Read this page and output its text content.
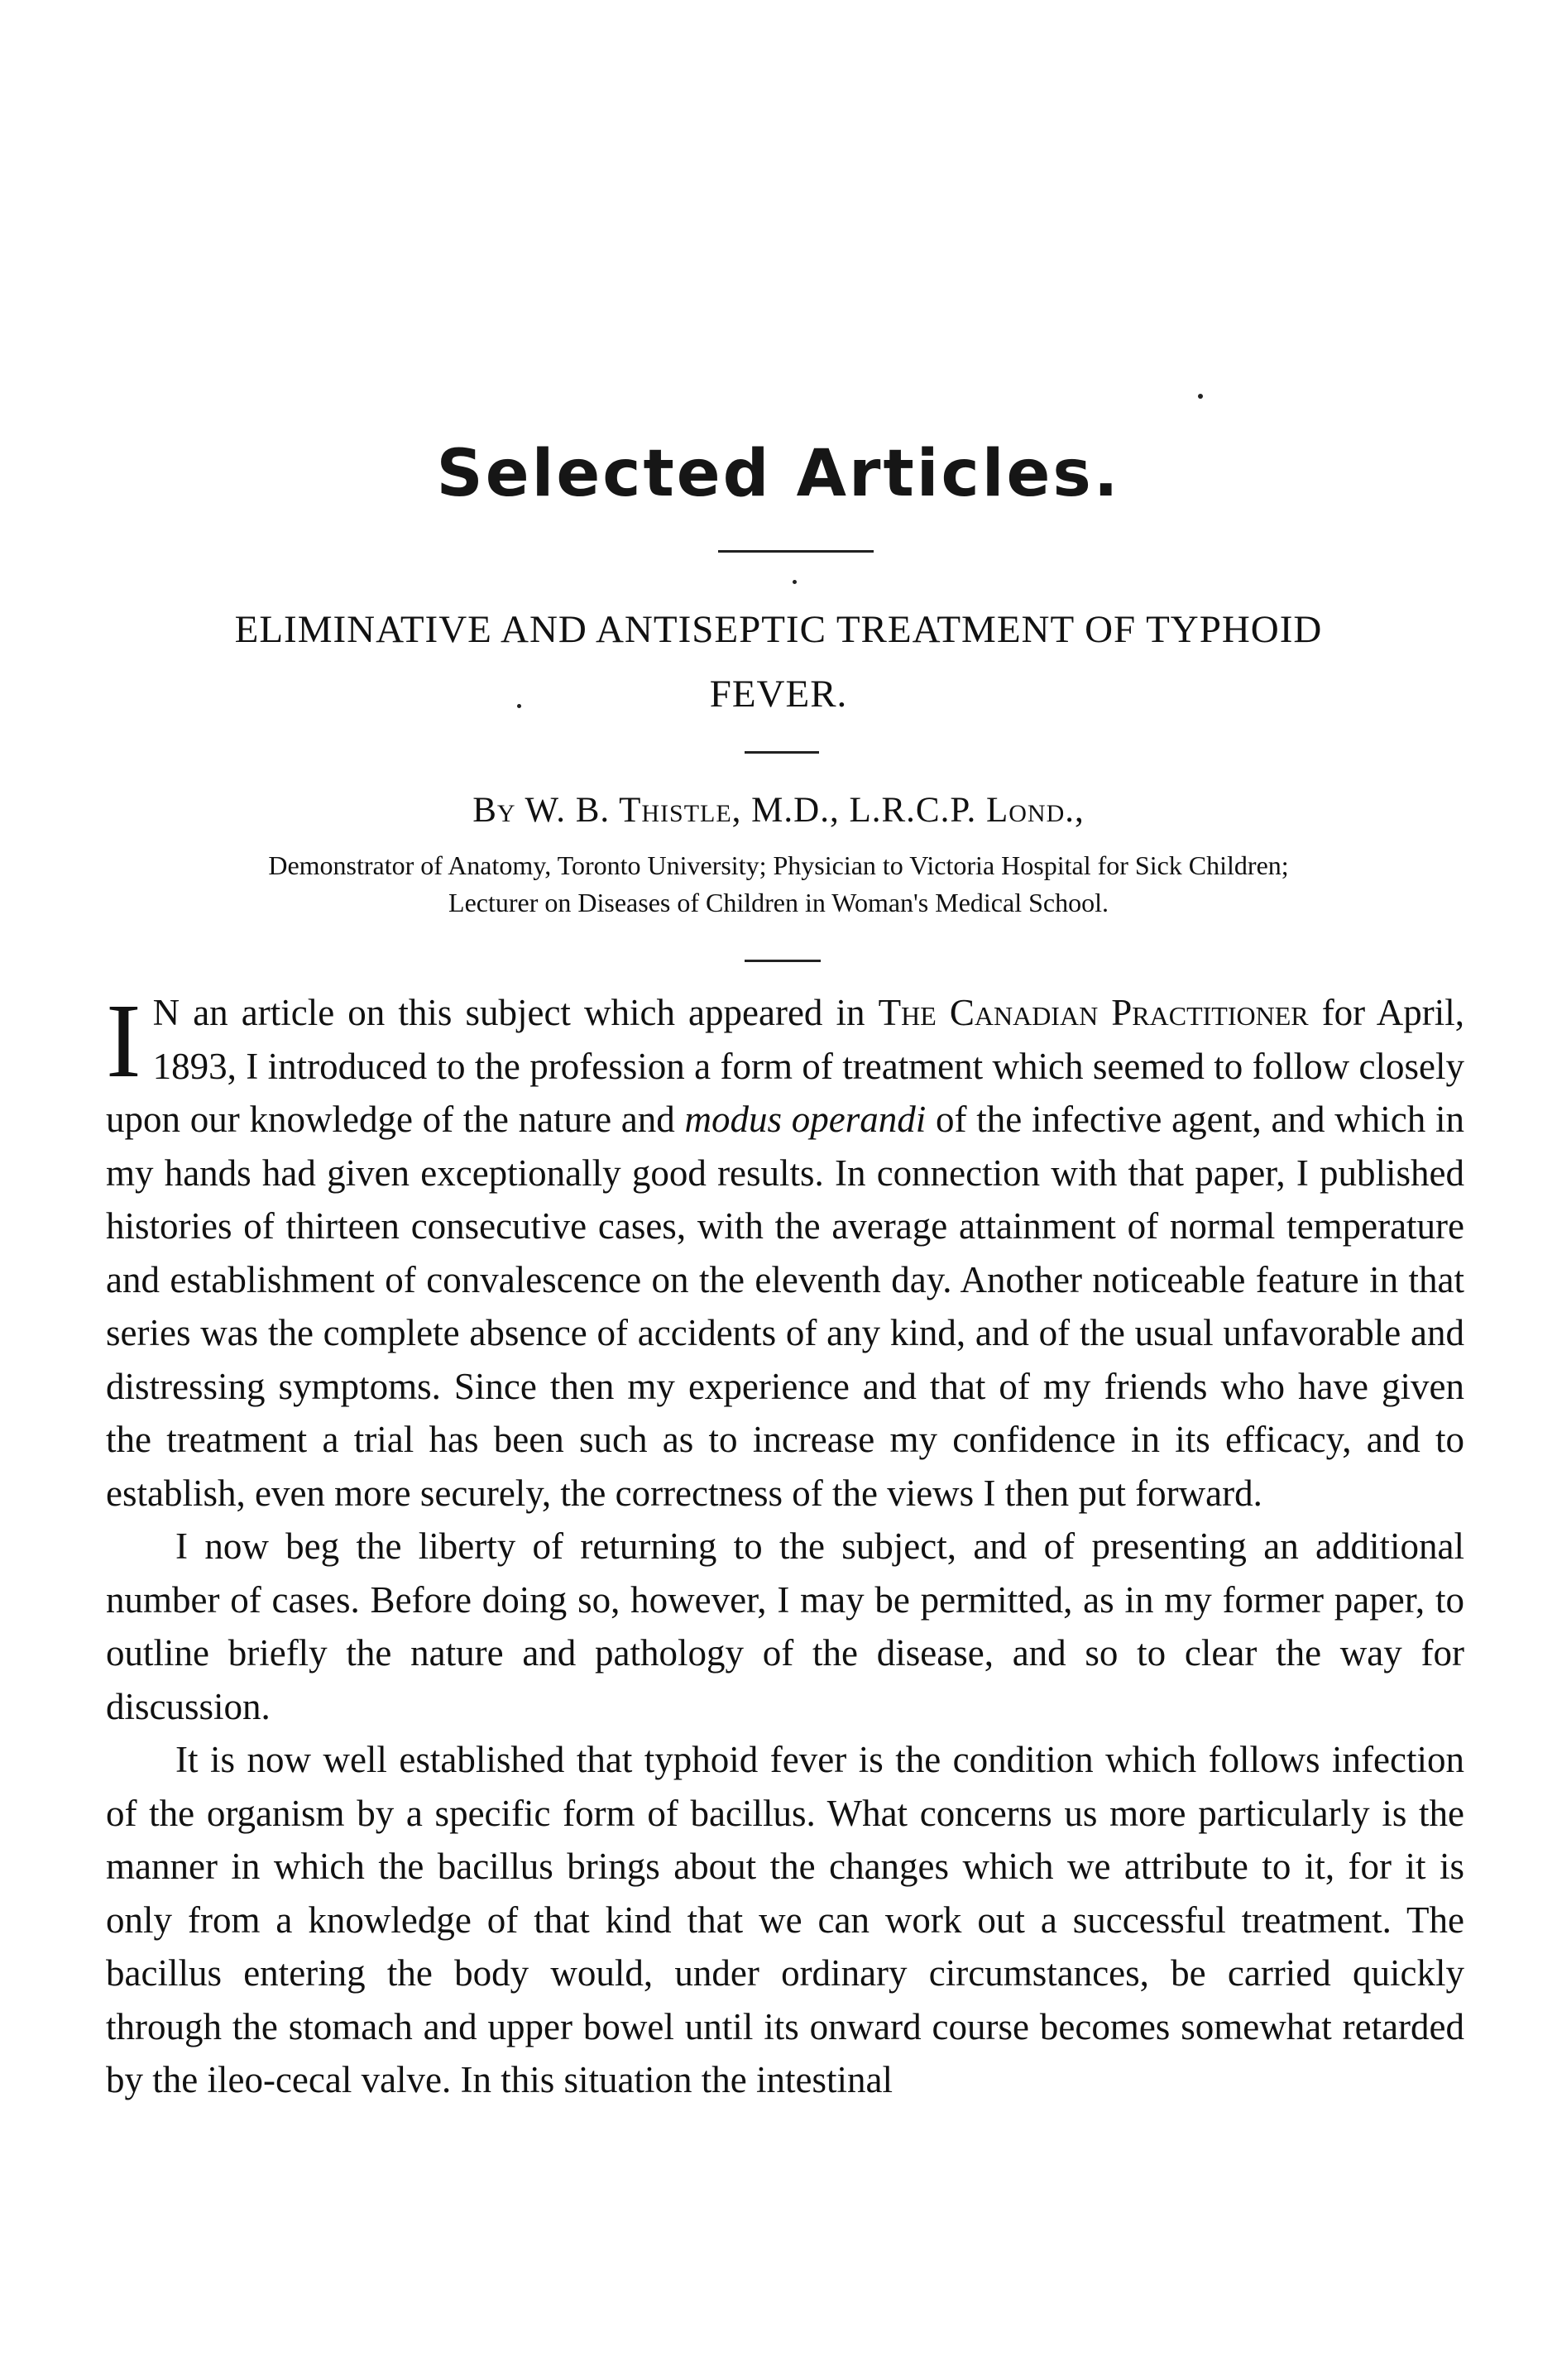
Selected Articles.
ELIMINATIVE AND ANTISEPTIC TREATMENT OF TYPHOID
FEVER.
By W. B. Thistle, M.D., L.R.C.P. Lond.,
Demonstrator of Anatomy, Toronto University; Physician to Victoria Hospital for Sick Children;
Lecturer on Diseases of Children in Woman's Medical School.

I N an article on this subject which appeared in The Canadian Practitioner for April, 1893, I introduced to the profession a form of treatment which seemed to follow closely upon our knowledge of the nature and modus operandi of the infective agent, and which in my hands had given exceptionally good results. In connection with that paper, I published histories of thirteen consecutive cases, with the average attainment of normal temperature and establishment of convalescence on the eleventh day. Another noticeable feature in that series was the complete absence of accidents of any kind, and of the usual unfavorable and distressing symptoms. Since then my experience and that of my friends who have given the treatment a trial has been such as to increase my confidence in its efficacy, and to establish, even more securely, the correctness of the views I then put forward.

I now beg the liberty of returning to the subject, and of presenting an additional number of cases. Before doing so, however, I may be permitted, as in my former paper, to outline briefly the nature and pathology of the disease, and so to clear the way for discussion.

It is now well established that typhoid fever is the condition which follows infection of the organism by a specific form of bacillus. What concerns us more particularly is the manner in which the bacillus brings about the changes which we attribute to it, for it is only from a knowledge of that kind that we can work out a successful treatment. The bacillus entering the body would, under ordinary circumstances, be carried quickly through the stomach and upper bowel until its onward course becomes somewhat retarded by the ileo-cecal valve. In this situation the intestinal
